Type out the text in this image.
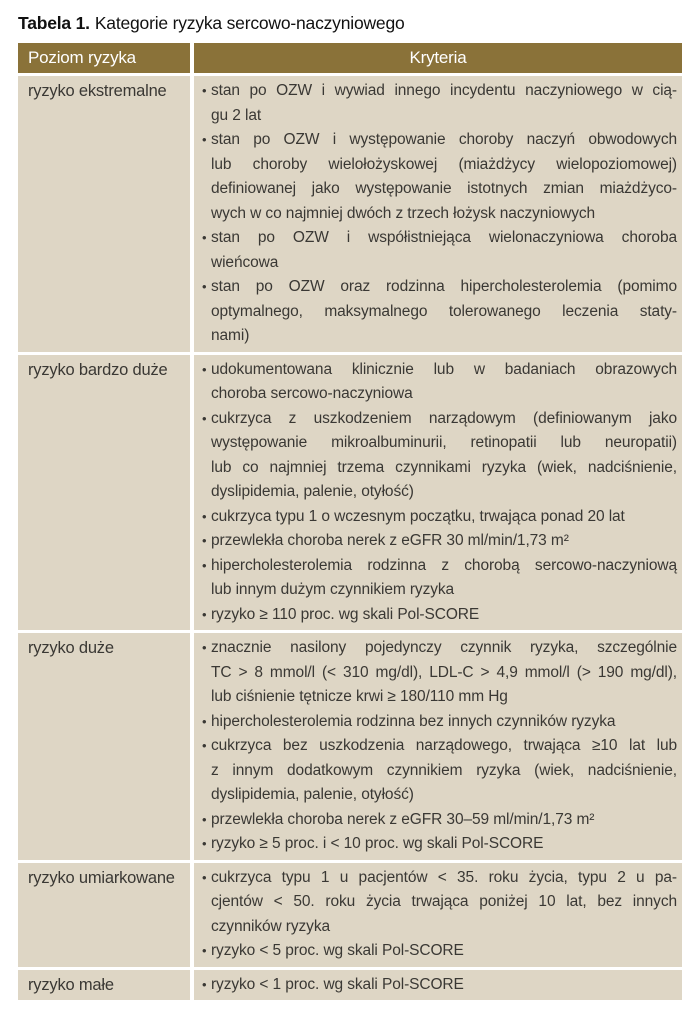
Tabela 1. Kategorie ryzyka sercowo-naczyniowego
Poziom ryzyka	Kryteria
ryzyko ekstremalne	• stan po OZW i wywiad innego incydentu naczyniowego w cią-
gu 2 lat
• stan po OZW i występowanie choroby naczyń obwodowych
lub choroby wielołożyskowej (miażdżycy wielopoziomowej)
definiowanej jako występowanie istotnych zmian miażdżyco-
wych w co najmniej dwóch z trzech łożysk naczyniowych
• stan po OZW i współistniejąca wielonaczyniowa choroba
wieńcowa
• stan po OZW oraz rodzinna hipercholesterolemia (pomimo
optymalnego, maksymalnego tolerowanego leczenia staty-
nami)
ryzyko bardzo duże	• udokumentowana klinicznie lub w badaniach obrazowych
choroba sercowo-naczyniowa
• cukrzyca z uszkodzeniem narządowym (definiowanym jako
występowanie mikroalbuminurii, retinopatii lub neuropatii)
lub co najmniej trzema czynnikami ryzyka (wiek, nadciśnienie,
dyslipidemia, palenie, otyłość)
• cukrzyca typu 1 o wczesnym początku, trwająca ponad 20 lat
• przewlekła choroba nerek z eGFR 30 ml/min/1,73 m²
• hipercholesterolemia rodzinna z chorobą sercowo-naczyniową
lub innym dużym czynnikiem ryzyka
• ryzyko ≥ 110 proc. wg skali Pol-SCORE
ryzyko duże	• znacznie nasilony pojedynczy czynnik ryzyka, szczególnie
TC > 8 mmol/l (< 310 mg/dl), LDL-C > 4,9 mmol/l (> 190 mg/dl),
lub ciśnienie tętnicze krwi ≥ 180/110 mm Hg
• hipercholesterolemia rodzinna bez innych czynników ryzyka
• cukrzyca bez uszkodzenia narządowego, trwająca ≥10 lat lub
z innym dodatkowym czynnikiem ryzyka (wiek, nadciśnienie,
dyslipidemia, palenie, otyłość)
• przewlekła choroba nerek z eGFR 30–59 ml/min/1,73 m²
• ryzyko ≥ 5 proc. i < 10 proc. wg skali Pol-SCORE
ryzyko umiarkowane	• cukrzyca typu 1 u pacjentów < 35. roku życia, typu 2 u pa-
cjentów < 50. roku życia trwająca poniżej 10 lat, bez innych
czynników ryzyka
• ryzyko < 5 proc. wg skali Pol-SCORE
ryzyko małe	• ryzyko < 1 proc. wg skali Pol-SCORE
